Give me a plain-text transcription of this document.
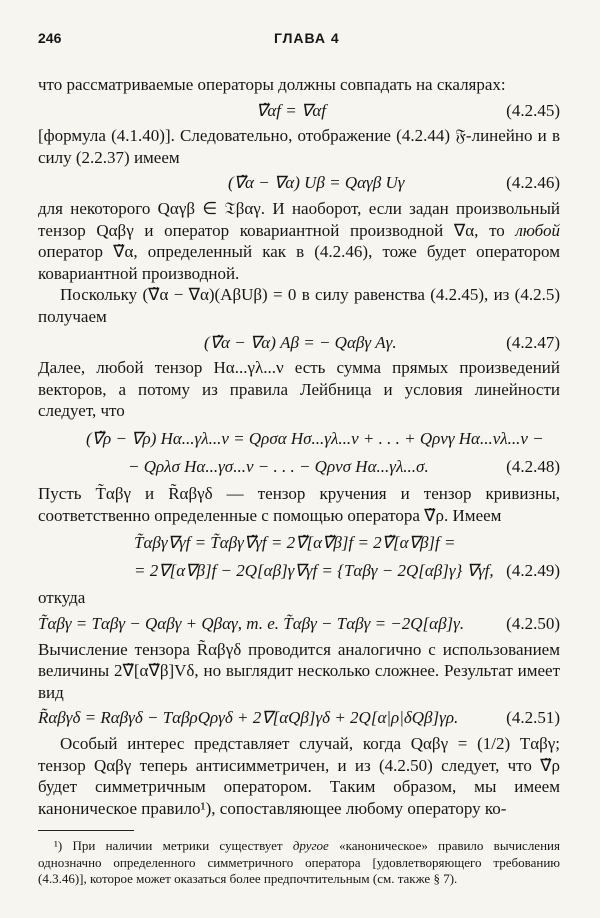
246	ГЛАВА 4

что рассматриваемые операторы должны совпадать на скалярах:

∇̃αf = ∇αf	(4.2.45)

[формула (4.1.40)]. Следовательно, отображение (4.2.44) 𝔉-линейно и в силу (2.2.37) имеем

(∇̃α − ∇α) Uβ = Qαγβ Uγ	(4.2.46)

для некоторого Qαγβ ∈ 𝔗βαγ. И наоборот, если задан произвольный тензор Qαβγ и оператор ковариантной производной ∇α, то любой оператор ∇̃α, определенный как в (4.2.46), тоже будет оператором ковариантной производной.

Поскольку (∇̃α − ∇α)(AβUβ) = 0 в силу равенства (4.2.45), из (4.2.5) получаем

(∇̃α − ∇α) Aβ = − Qαβγ Aγ.	(4.2.47)

Далее, любой тензор Hα...γλ...ν есть сумма прямых произведений векторов, а потому из правила Лейбница и условия линейности следует, что

(∇̃ρ − ∇ρ) Hα...γλ...ν = Qρσα Hσ...γλ...ν + . . . + Qρνγ Hα...νλ...ν −
− Qρλσ Hα...γσ...ν − . . . − Qρνσ Hα...γλ...σ.	(4.2.48)

Пусть T̃αβγ и R̃αβγδ — тензор кручения и тензор кривизны, соответственно определенные с помощью оператора ∇̃ρ. Имеем

T̃αβγ∇γf = T̃αβγ∇̃γf = 2∇̃[α∇̃β]f = 2∇̃[α∇β]f =
= 2∇[α∇β]f − 2Q[αβ]γ∇γf = {Tαβγ − 2Q[αβ]γ} ∇γf, (4.2.49)

откуда

T̃αβγ = Tαβγ − Qαβγ + Qβαγ, т. е. T̃αβγ − Tαβγ = −2Q[αβ]γ. (4.2.50)

Вычисление тензора R̃αβγδ проводится аналогично с использованием величины 2∇̃[α∇̃β]Vδ, но выглядит несколько сложнее. Результат имеет вид

R̃αβγδ = Rαβγδ − TαβρQργδ + 2∇[αQβ]γδ + 2Q[α|ρ|δQβ]γρ.	(4.2.51)

Особый интерес представляет случай, когда Qαβγ = (1/2) Tαβγ; тензор Qαβγ теперь антисимметричен, и из (4.2.50) следует, что ∇̃ρ будет симметричным оператором. Таким образом, мы имеем каноническое правило¹), сопоставляющее любому оператору ко-

¹) При наличии метрики существует другое «каноническое» правило вычисления однозначно определенного симметричного оператора [удовлетворяющего требованию (4.3.46)], которое может оказаться более предпочтительным (см. также § 7).
